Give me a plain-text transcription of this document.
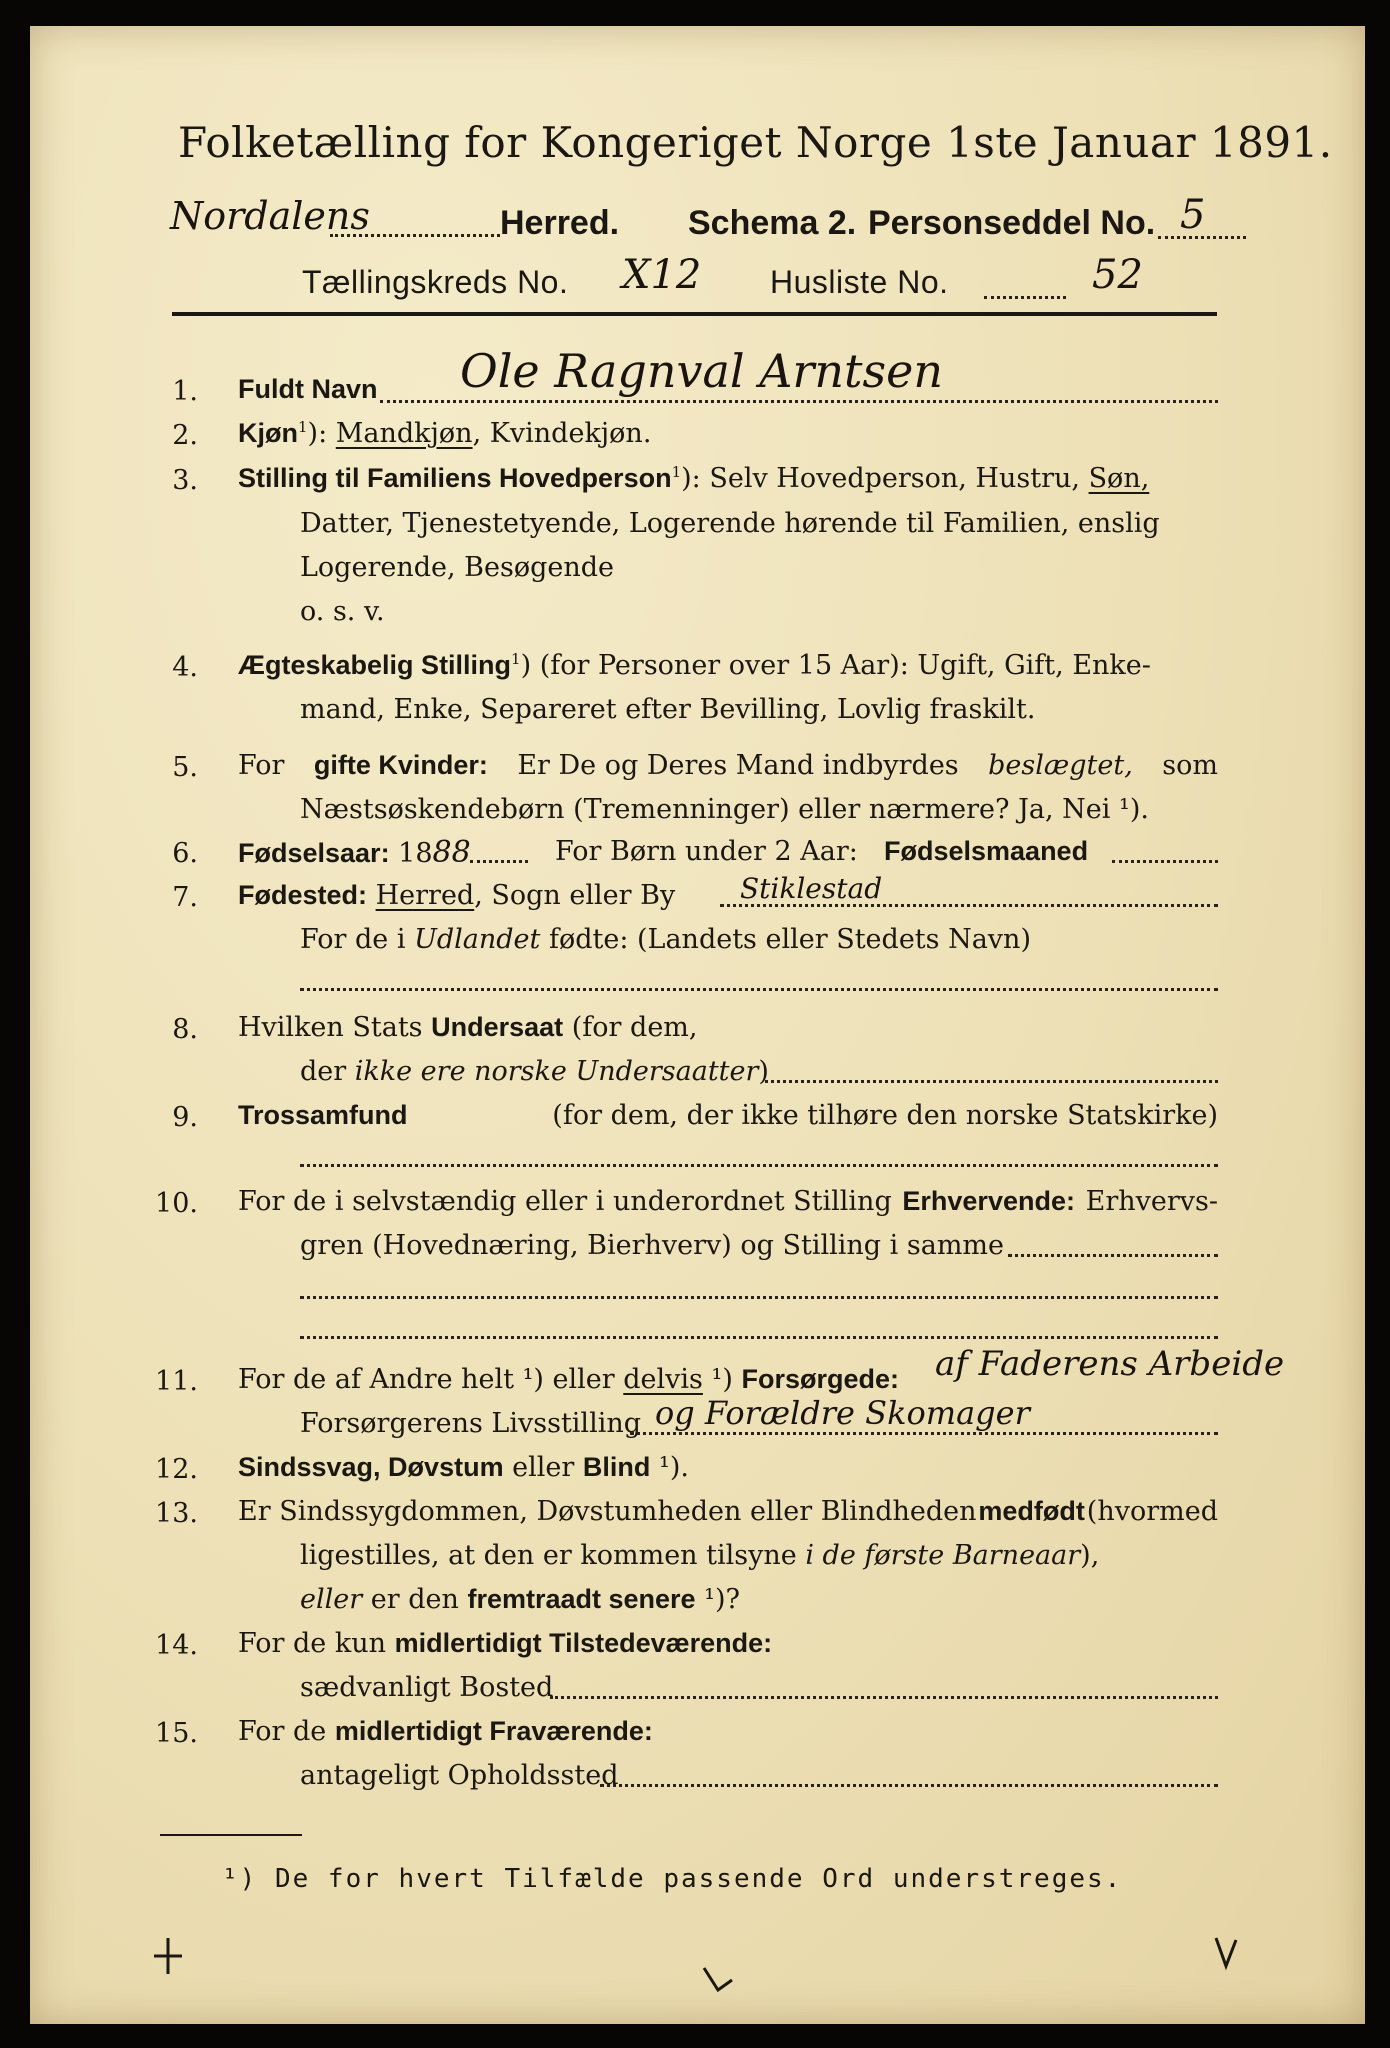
Folketælling for Kongeriget Norge 1ste Januar 1891.
Nordalens	Herred. Schema 2. Personseddel No. 5
Tællingskreds No. X12 Husliste No.	52
1. Fuldt Navn Ole Ragnval Arntsen
2. Kjøn$^1$): Mandkjøn, Kvindekjøn.
3. Stilling til Familiens Hovedperson$^1$): Selv Hovedperson, Hustru, Søn,
Datter, Tjenestetyende, Logerende hørende til Familien, enslig
Logerende, Besøgende
o. s. v.
4. Ægteskabelig Stilling$^1$) (for Personer over 15 Aar): Ugift, Gift, Enke-
mand, Enke, Separeret efter Bevilling, Lovlig fraskilt.
5. For gifte Kvinder: Er De og Deres Mand indbyrdes beslægtet, som
Næstsøskendebørn (Tremenninger) eller nærmere? Ja, Nei ¹).
6. Fødselsaar: 1888	For Børn under 2 Aar: Fødselsmaaned
7. Fødested: Herred, Sogn eller By Stiklestad
For de i Udlandet fødte: (Landets eller Stedets Navn)
8. Hvilken Stats Undersaat (for dem,
der ikke ere norske Undersaatter)
9. Trossamfund	(for dem, der ikke tilhøre den norske Statskirke)
10. For de i selvstændig eller i underordnet Stilling Erhvervende: Erhvervs-
gren (Hovednæring, Bierhverv) og Stilling i samme
11. For de af Andre helt ¹) eller delvis ¹) Forsørgede: af Faderens Arbeide
Forsørgerens Livsstilling og Forældre Skomager
12. Sindssvag, Døvstum eller Blind ¹).
13. Er Sindssygdommen, Døvstumheden eller Blindheden medfødt (hvormed
ligestilles, at den er kommen tilsyne i de første Barneaar),
eller er den fremtraadt senere ¹)?
14. For de kun midlertidigt Tilstedeværende:
sædvanligt Bosted
15. For de midlertidigt Fraværende:
antageligt Opholdssted
¹) De for hvert Tilfælde passende Ord understreges.
